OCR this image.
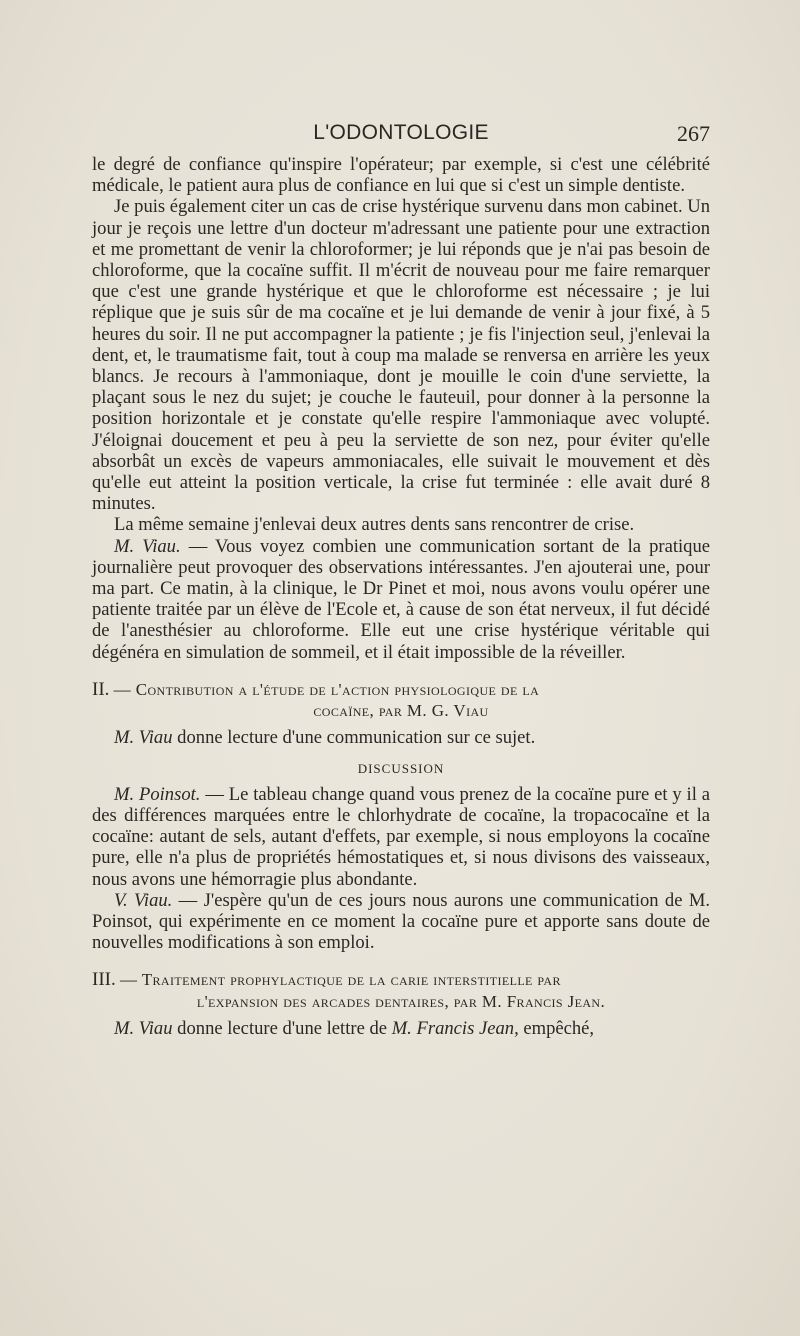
L'ODONTOLOGIE	267

le degré de confiance qu'inspire l'opérateur; par exemple, si c'est une célébrité médicale, le patient aura plus de confiance en lui que si c'est un simple dentiste.

Je puis également citer un cas de crise hystérique survenu dans mon cabinet. Un jour je reçois une lettre d'un docteur m'adressant une patiente pour une extraction et me promettant de venir la chloroformer; je lui réponds que je n'ai pas besoin de chloroforme, que la cocaïne suffit. Il m'écrit de nouveau pour me faire remarquer que c'est une grande hystérique et que le chloroforme est nécessaire ; je lui réplique que je suis sûr de ma cocaïne et je lui demande de venir à jour fixé, à 5 heures du soir. Il ne put accompagner la patiente ; je fis l'injection seul, j'enlevai la dent, et, le traumatisme fait, tout à coup ma malade se renversa en arrière les yeux blancs. Je recours à l'ammoniaque, dont je mouille le coin d'une serviette, la plaçant sous le nez du sujet; je couche le fauteuil, pour donner à la personne la position horizontale et je constate qu'elle respire l'ammoniaque avec volupté. J'éloignai doucement et peu à peu la serviette de son nez, pour éviter qu'elle absorbât un excès de vapeurs ammoniacales, elle suivait le mouvement et dès qu'elle eut atteint la position verticale, la crise fut terminée : elle avait duré 8 minutes.

La même semaine j'enlevai deux autres dents sans rencontrer de crise.

M. Viau. — Vous voyez combien une communication sortant de la pratique journalière peut provoquer des observations intéressantes. J'en ajouterai une, pour ma part. Ce matin, à la clinique, le Dr Pinet et moi, nous avons voulu opérer une patiente traitée par un élève de l'Ecole et, à cause de son état nerveux, il fut décidé de l'anesthésier au chloroforme. Elle eut une crise hystérique véritable qui dégénéra en simulation de sommeil, et il était impossible de la réveiller.

II. — Contribution a l'étude de l'action physiologique de la
cocaïne, par M. G. Viau

M. Viau donne lecture d'une communication sur ce sujet.

DISCUSSION

M. Poinsot. — Le tableau change quand vous prenez de la cocaïne pure et y il a des différences marquées entre le chlorhydrate de cocaïne, la tropacocaïne et la cocaïne: autant de sels, autant d'effets, par exemple, si nous employons la cocaïne pure, elle n'a plus de propriétés hémostatiques et, si nous divisons des vaisseaux, nous avons une hémorragie plus abondante.

V. Viau. — J'espère qu'un de ces jours nous aurons une communication de M. Poinsot, qui expérimente en ce moment la cocaïne pure et apporte sans doute de nouvelles modifications à son emploi.

III. — Traitement prophylactique de la carie interstitielle par
l'expansion des arcades dentaires, par M. Francis Jean.

M. Viau donne lecture d'une lettre de M. Francis Jean, empêché,
